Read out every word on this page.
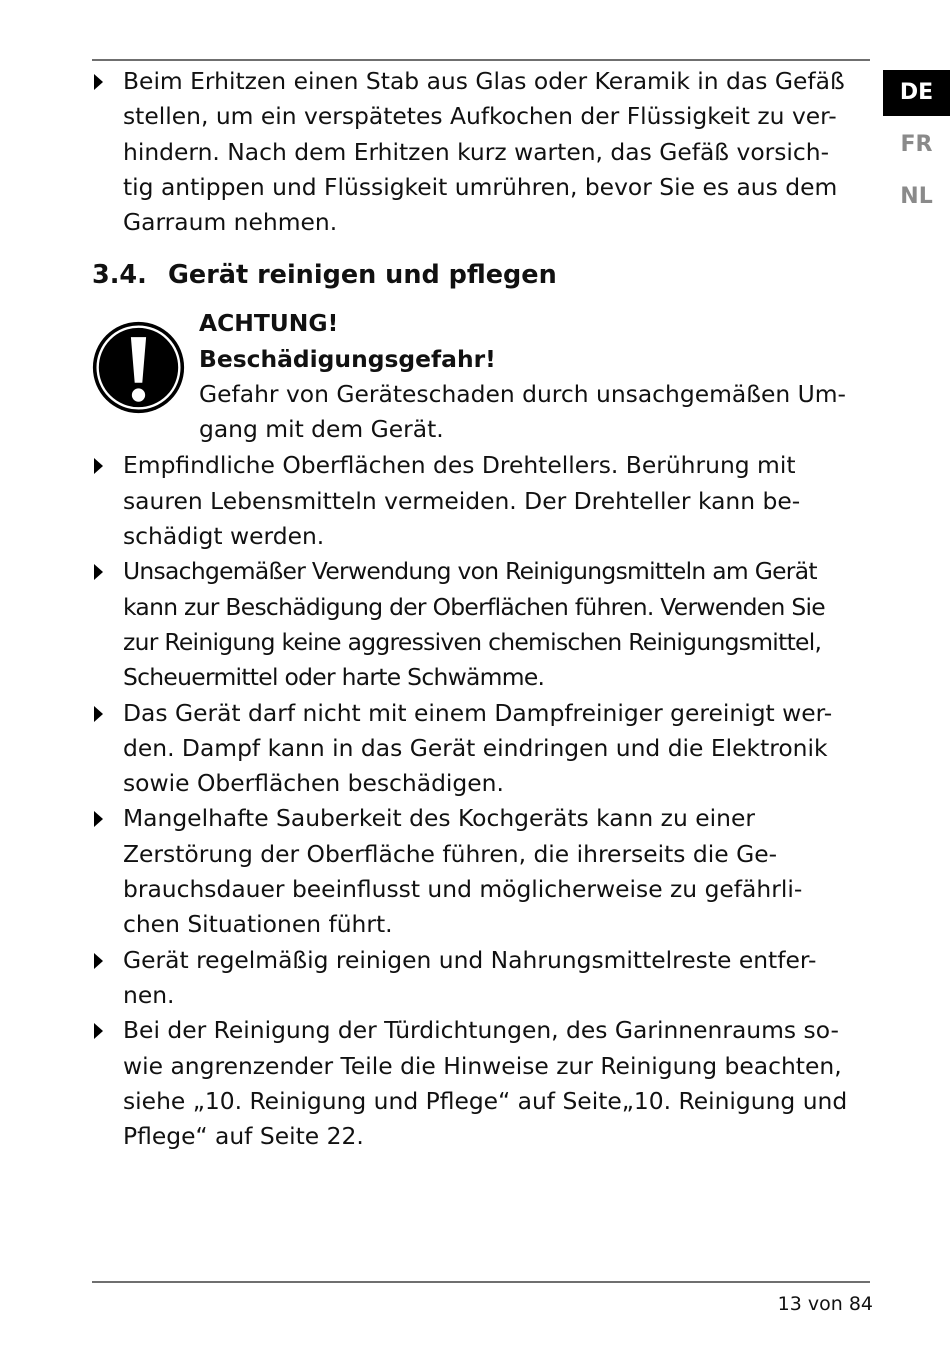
DE
FR
NL
Beim Erhitzen einen Stab aus Glas oder Keramik in das Gefäß
stellen, um ein verspätetes Aufkochen der Flüssigkeit zu ver-
hindern. Nach dem Erhitzen kurz warten, das Gefäß vorsich-
tig antippen und Flüssigkeit umrühren, bevor Sie es aus dem
Garraum nehmen.
3.4. Gerät reinigen und pflegen
ACHTUNG!
Beschädigungsgefahr!
Gefahr von Geräteschaden durch unsachgemäßen Um-
gang mit dem Gerät.
Empfindliche Oberflächen des Drehtellers. Berührung mit
sauren Lebensmitteln vermeiden. Der Drehteller kann be-
schädigt werden.
Unsachgemäßer Verwendung von Reinigungsmitteln am Gerät
kann zur Beschädigung der Oberflächen führen. Verwenden Sie
zur Reinigung keine aggressiven chemischen Reinigungsmittel,
Scheuermittel oder harte Schwämme.
Das Gerät darf nicht mit einem Dampfreiniger gereinigt wer-
den. Dampf kann in das Gerät eindringen und die Elektronik
sowie Oberflächen beschädigen.
Mangelhafte Sauberkeit des Kochgeräts kann zu einer
Zerstörung der Oberfläche führen, die ihrerseits die Ge-
brauchsdauer beeinflusst und möglicherweise zu gefährli-
chen Situationen führt.
Gerät regelmäßig reinigen und Nahrungsmittelreste entfer-
nen.
Bei der Reinigung der Türdichtungen, des Garinnenraums so-
wie angrenzender Teile die Hinweise zur Reinigung beachten,
siehe „10. Reinigung und Pflege“ auf Seite„10. Reinigung und
Pflege“ auf Seite 22.
13 von 84
